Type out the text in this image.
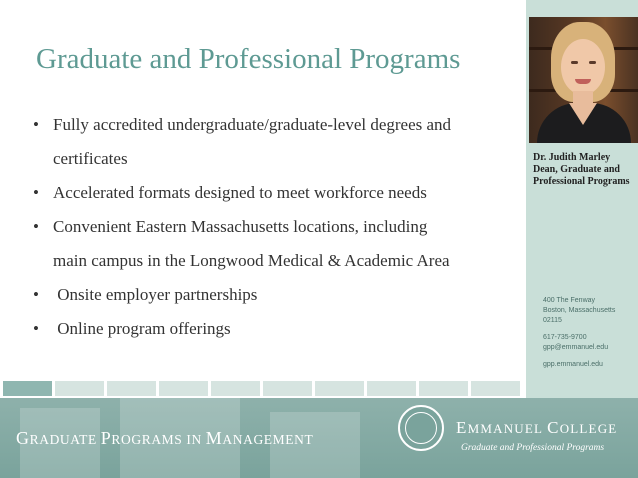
Graduate and Professional Programs
• Fully accredited undergraduate/graduate-level degrees and
certificates
• Accelerated formats designed to meet workforce needs
• Convenient Eastern Massachusetts locations, including
main campus in the Longwood Medical & Academic Area
• Onsite employer partnerships
• Online program offerings
Dr. Judith Marley
Dean, Graduate and
Professional Programs
400 The Fenway
Boston, Massachusetts
02115
617-735-9700
gpp@emmanuel.edu
gpp.emmanuel.edu
GRADUATE PROGRAMS IN MANAGEMENT
EMMANUEL COLLEGE
Graduate and Professional Programs
